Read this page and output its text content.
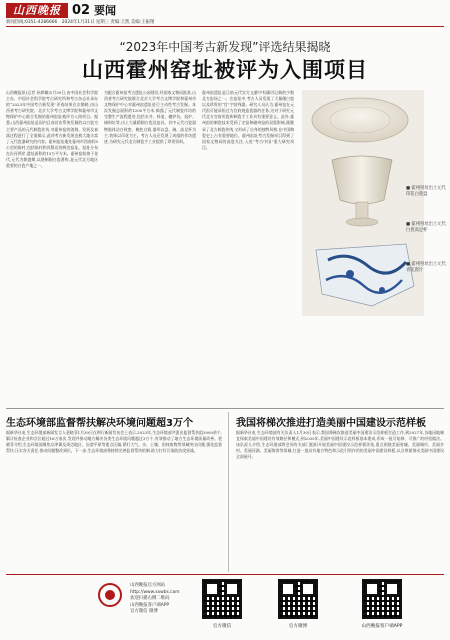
山西晚报 02 要闻
新闻热线:0351-4286666　2024年1月31日 星期三 责编:王凯 美编:王振翔
“2023年中国考古新发现”评选结果揭晓
山西霍州窑址被评为入围项目
山西晚报讯(记者 孙烨璐)1月30日,由中国社会科学院主办、中国社会科学院考古研究所和考古杂志社承办的“2023年中国考古新发现”评选结果在京揭晓,由山西省考古研究院、北京大学考古文博学院和霍州市文物保护中心联合发掘的霍州窑址被评为入围项目。据悉,山西霍州窑址是国内目前首次系统发掘的以白瓷为主要产品的元代制瓷作坊,对霍州窑的创烧、发展及衰落过程进行了全面揭示,此项考古新发现也极大地丰富了元代瓷器研究的内容。霍州窑址地处霍州市西南约5公里的陈村,包括陈村和其附近的两处窑址。窑址分布在汾河两岸,遗址面积约15万平方米。霍州窑始烧于金代,元代为鼎盛期,以烧制细白瓷著称,是元代北方地区重要的白瓷产地之一。
为配合霍州窑考古遗址公园建设,经国家文物局批准,山西省考古研究院联合北京大学考古文博学院和霍州市文物保护中心对霍州窑遗址进行主动性考古发掘。本次发掘总面积约1200平方米,揭露了元代制瓷作坊的完整生产流程遗迹,包括水井、料池、辘轳坑、窑炉、储料坑等,出土大量精细白瓷及窑具。其中元代白瓷器物胎体洁白致密、釉色白润,器形以盘、碗、高足杯为主,装饰以印花为主。考古人员还发现了成组的作坊遗迹,为研究元代北方制瓷手工业提供了珍贵资料。
霍州窑遗址是目前元代官方文献中有确切记载的少数北方窑场之一。在窑址中,考古人员发现了大量细白瓷以及珍贵的“官”字款残器。研究人员认为,霍州窑在元代很可能承担过为官府烧造瓷器的任务,这对于研究元代北方官府用瓷和制瓷手工业具有重要意义。此外,霍州窑的制瓷技术受到了定窑和磁州窑的双重影响,既继承了北方制瓷传统,又形成了自身的独特风格,在中国陶瓷史上占有重要地位。霍州窑址考古发掘项目得到了国家文物局的高度关注,入选“考古中国”重大研究项目。
■ 霍州窑址出土元代印花白瓷盘
■ 霍州窑址出土元代白瓷高足杯
■ 霍州窑址出土元代青花瓷片
生态环境部监督帮扶解决环境问题超3万个
据新华社电 生态环境部新闻发言人裴晓菲1月30日在例行新闻发布会上表示,2023年,生态环境部共派出监督帮扶组3000余个,累计检查企业和点位超过16万家次,发现并推动地方解决各类生态环境问题超过3万个,有效推动了地方生态环境质量改善。裴晓菲介绍,生态环境部聚焦京津冀及周边地区、汾渭平原等重点区域,紧盯大气、水、土壤、固体废物等领域突出问题,强化监督帮扶,压实各方责任,推动问题整改到位。下一步,生态环境部将持续完善监督帮扶机制,助力打好污染防治攻坚战。
我国将梯次推进打造美丽中国建设示范样板
据新华社电 生态环境部有关负责人1月30日表示,我国将梯次推进美丽中国建设示范样板打造工作,到2027年,各地因地制宜探索美丽中国建设有效路径和模式;到2035年,美丽中国建设示范样板基本建成,形成一批可复制、可推广的经验做法。该负责人介绍,生态环境部将会同有关部门组织开展美丽中国建设示范样板评选,重点围绕美丽省域、美丽城市、美丽乡村、美丽河湖、美丽海湾等领域,打造一批具有地方特色和示范引领作用的美丽中国建设样板,以点带面推动美丽中国建设全面展开。
山西晚报官方网站
http://www.sxwbs.com
欢迎扫描右侧二维码
山西晚报客户端APP
官方微信 微博
官方微信	官方微博	山西晚报客户端APP
